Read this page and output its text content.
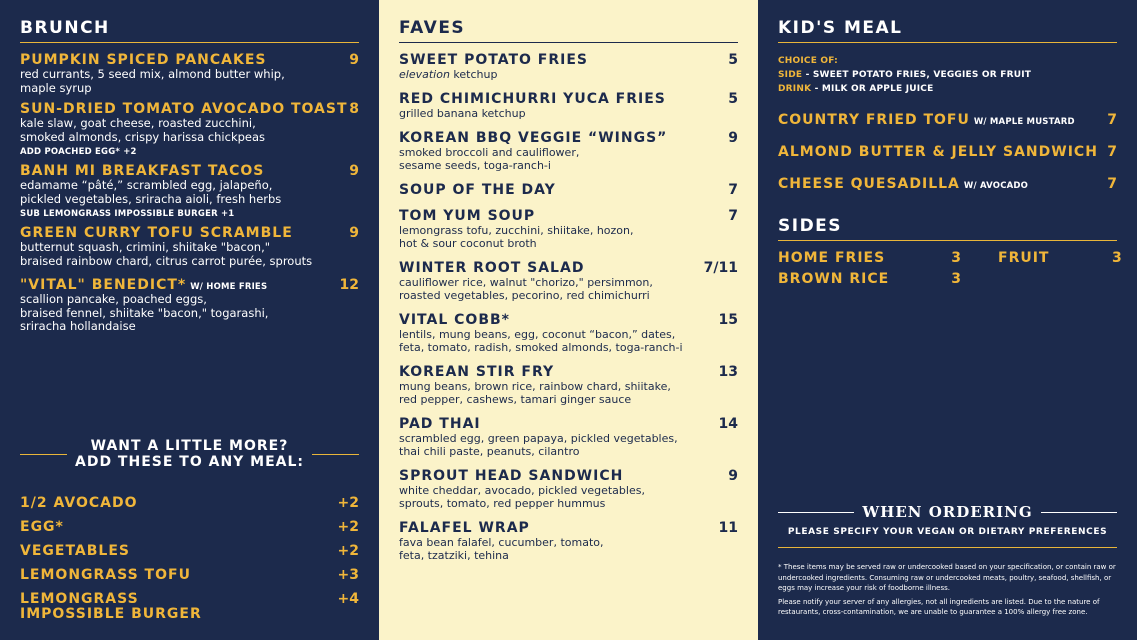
BRUNCH
PUMPKIN SPICED PANCAKES	9
red currants, 5 seed mix, almond butter whip,
maple syrup
SUN-DRIED TOMATO AVOCADO TOAST 8
kale slaw, goat cheese, roasted zucchini,
smoked almonds, crispy harissa chickpeas
ADD POACHED EGG* +2
BANH MI BREAKFAST TACOS	9
edamame “pâté,” scrambled egg, jalapeño,
pickled vegetables, sriracha aioli, fresh herbs
SUB LEMONGRASS IMPOSSIBLE BURGER +1
GREEN CURRY TOFU SCRAMBLE	9
butternut squash, crimini, shiitake "bacon,"
braised rainbow chard, citrus carrot purée, sprouts
"VITAL" BENEDICT* W/ HOME FRIES	12
scallion pancake, poached eggs,
braised fennel, shiitake "bacon," togarashi,
sriracha hollandaise
WANT A LITTLE MORE?
ADD THESE TO ANY MEAL:
1/2 AVOCADO	+2
EGG*	+2
VEGETABLES	+2
LEMONGRASS TOFU	+3
LEMONGRASS
IMPOSSIBLE BURGER
+4
FAVES
SWEET POTATO FRIES	5
elevation ketchup
RED CHIMICHURRI YUCA FRIES	5
grilled banana ketchup
KOREAN BBQ VEGGIE “WINGS”	9
smoked broccoli and cauliflower,
sesame seeds, toga-ranch-i
SOUP OF THE DAY	7
TOM YUM SOUP	7
lemongrass tofu, zucchini, shiitake, hozon,
hot & sour coconut broth
WINTER ROOT SALAD	7/11
cauliflower rice, walnut "chorizo," persimmon,
roasted vegetables, pecorino, red chimichurri
VITAL COBB*	15
lentils, mung beans, egg, coconut “bacon,” dates,
feta, tomato, radish, smoked almonds, toga-ranch-i
KOREAN STIR FRY	13
mung beans, brown rice, rainbow chard, shiitake,
red pepper, cashews, tamari ginger sauce
PAD THAI	14
scrambled egg, green papaya, pickled vegetables,
thai chili paste, peanuts, cilantro
SPROUT HEAD SANDWICH	9
white cheddar, avocado, pickled vegetables,
sprouts, tomato, red pepper hummus
FALAFEL WRAP	11
fava bean falafel, cucumber, tomato,
feta, tzatziki, tehina
KID'S MEAL
CHOICE OF:
SIDE - SWEET POTATO FRIES, VEGGIES OR FRUIT
DRINK - MILK OR APPLE JUICE
COUNTRY FRIED TOFU W/ MAPLE MUSTARD 7
ALMOND BUTTER & JELLY SANDWICH 7
CHEESE QUESADILLA W/ AVOCADO	7
SIDES
HOME FRIES	3	FRUIT	3
BROWN RICE	3
WHEN ORDERING
PLEASE SPECIFY YOUR VEGAN OR DIETARY PREFERENCES

* These items may be served raw or undercooked based on your specification, or contain raw or undercooked ingredients. Consuming raw or undercooked meats, poultry, seafood, shellfish, or eggs may increase your risk of foodborne illness.

Please notify your server of any allergies, not all ingredients are listed. Due to the nature of restaurants, cross-contamination, we are unable to guarantee a 100% allergy free zone.
